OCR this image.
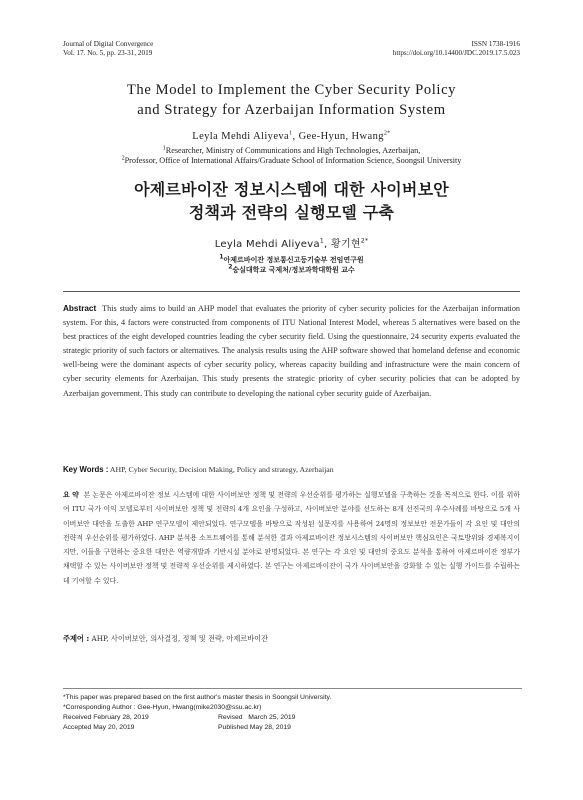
Journal of Digital Convergence
Vol. 17. No. 5, pp. 23-31, 2019
ISSN 1738-1916
https://doi.org/10.14400/JDC.2019.17.5.023
The Model to Implement the Cyber Security Policy
and Strategy for Azerbaijan Information System
Leyla Mehdi Aliyeva$^1$, Gee-Hyun, Hwang$^{2*}$
$^1$Researcher, Ministry of Communications and High Technologies, Azerbaijan,
$^2$Professor, Office of International Affairs/Graduate School of Information Science, Soongsil University
아제르바이잔 정보시스템에 대한 사이버보안
정책과 전략의 실행모델 구축
Leyla Mehdi Aliyeva$^1$, 황기현$^{2*}$
$^1$아제르바이잔 정보통신고등기술부 전임연구원
$^2$숭실대학교 국제처/정보과학대학원 교수
Abstract This study aims to build an AHP model that evaluates the priority of cyber security policies for the Azerbaijan information system. For this, 4 factors were constructed from components of ITU National Interest Model, whereas 5 alternatives were based on the best practices of the eight developed countries leading the cyber security field. Using the questionnaire, 24 security experts evaluated the strategic priority of such factors or alternatives. The analysis results using the AHP software showed that homeland defense and economic well-being were the dominant aspects of cyber security policy, whereas capacity building and infrastructure were the main concern of cyber security elements for Azerbaijan. This study presents the strategic priority of cyber security policies that can be adopted by Azerbaijan government. This study can contribute to developing the national cyber security guide of Azerbaijan.
Key Words : AHP, Cyber Security, Decision Making, Policy and strategy, Azerbaijan
요 약 본 논문은 아제르바이잔 정보 시스템에 대한 사이버보안 정책 및 전략의 우선순위를 평가하는 실행모델을 구축하는 것을 목적으로 한다. 이를 위하여 ITU 국가 이익 모델로부터 사이버보안 정책 및 전략의 4개 요인을 구성하고, 사이버보안 분야를 선도하는 8개 선진국의 우수사례를 바탕으로 5개 사이버보안 대안을 도출한 AHP 연구모델이 제안되었다. 연구모델을 바탕으로 작성된 설문지를 사용하여 24명의 정보보안 전문가들이 각 요인 및 대안의 전략적 우선순위를 평가하였다. AHP 분석용 소프트웨어를 통해 분석한 결과 아제르바이잔 정보시스템의 사이버보안 핵심요인은 국토방위와 경제복지이지만, 이들을 구현하는 중요한 대안은 역량개발과 기반시설 분야로 판명되었다. 본 연구는 각 요인 및 대안의 중요도 분석을 통하여 아제르바이잔 정부가 채택할 수 있는 사이버보안 정책 및 전략적 우선순위를 제시하였다. 본 연구는 아제르바이잔이 국가 사이버보안을 강화할 수 있는 실행 가이드를 수립하는데 기여할 수 있다.
주제어 : AHP, 사이버보안, 의사결정, 정책 및 전략, 아제르바이잔
*This paper was prepared based on the first author's master thesis in Soongsil University.
*Corresponding Author : Gee-Hyun, Hwang(mike2030@ssu.ac.kr)
Received February 28, 2019	Revised March 25, 2019
Accepted May 20, 2019	Published May 28, 2019
